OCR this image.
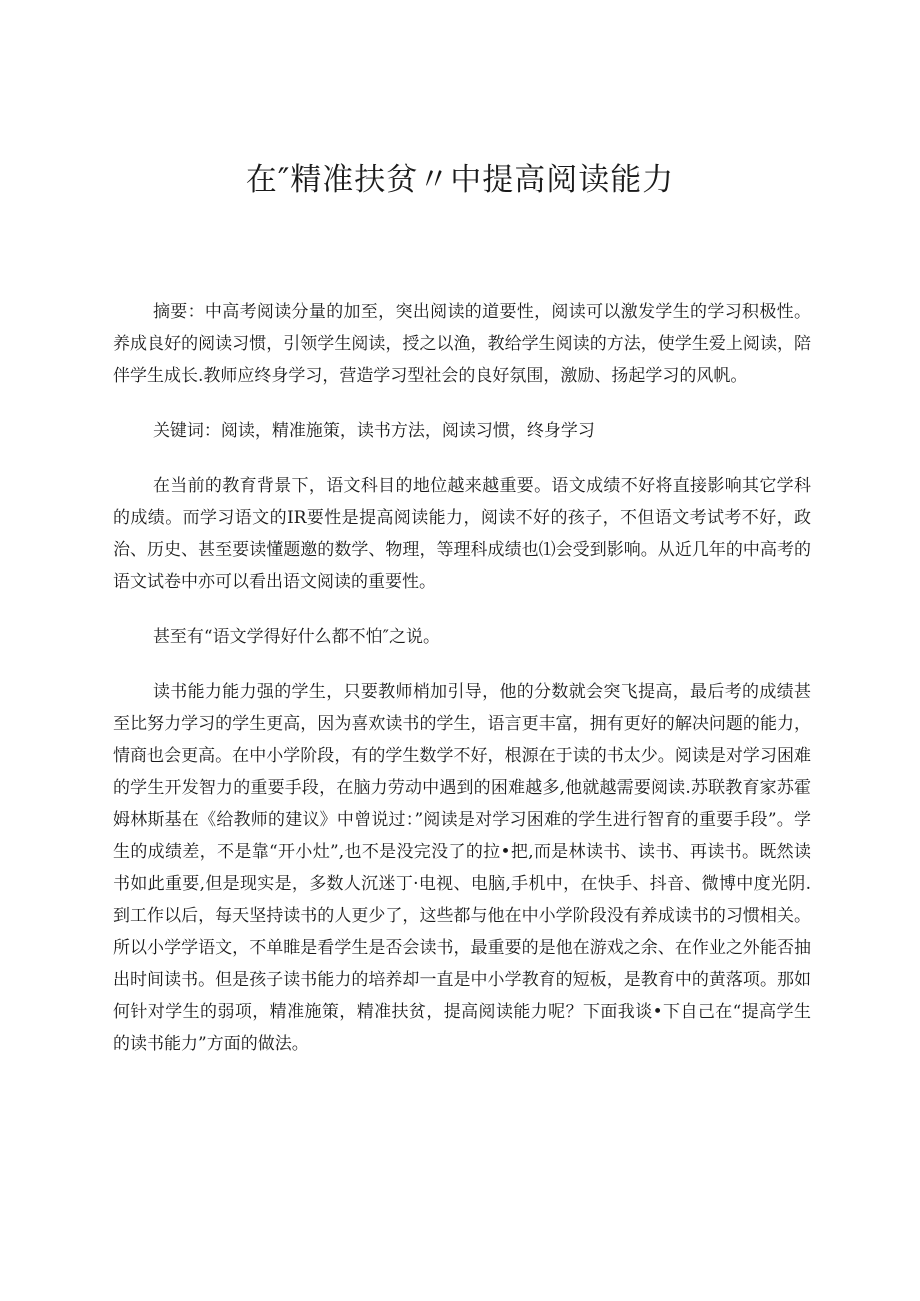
在″精准扶贫〃中提高阅读能力

摘要：中高考阅读分量的加至，突出阅读的道要性，阅读可以激发学生的学习积极性。养成良好的阅读习惯，引领学生阅读，授之以渔，教给学生阅读的方法，使学生爱上阅读，陪伴学生成长.教师应终身学习，营造学习型社会的良好氛围，激励、扬起学习的风帆。

关键词：阅读，精准施策，读书方法，阅读习惯，终身学习

在当前的教育背景下，语文科目的地位越来越重要。语文成绩不好将直接影响其它学科的成绩。而学习语文的IR要性是提高阅读能力，阅读不好的孩子，不但语文考试考不好，政治、历史、甚至要读懂题邀的数学、物理，等理科成绩也⑴会受到影响。从近几年的中高考的语文试卷中亦可以看出语文阅读的重要性。

甚至有“语文学得好什么都不怕″之说。

读书能力能力强的学生，只要教师梢加引导，他的分数就会突飞提高，最后考的成绩甚至比努力学习的学生更高，因为喜欢读书的学生，语言更丰富，拥有更好的解决问题的能力，情商也会更高。在中小学阶段，有的学生数学不好，根源在于读的书太少。阅读是对学习困难的学生开发智力的重要手段，在脑力劳动中遇到的困难越多,他就越需要阅读.苏联教育家苏霍姆林斯基在《给教师的建议》中曾说过：”阅读是对学习困难的学生进行智育的重要手段”。学生的成绩差，不是靠“开小灶”,也不是没完没了的拉•把,而是林读书、读书、再读书。既然读书如此重要,但是现实是，多数人沉迷丁·电视、电脑,手机中，在快手、抖音、微博中度光阴.到工作以后，每天坚持读书的人更少了，这些都与他在中小学阶段没有养成读书的习惯相关。所以小学学语文，不单睢是看学生是否会读书，最重要的是他在游戏之余、在作业之外能否抽出时间读书。但是孩子读书能力的培养却一直是中小学教育的短板，是教育中的黄落项。那如何针对学生的弱项，精准施策，精准扶贫，提高阅读能力呢？下面我谈•下自己在“提高学生的读书能力”方面的做法。
